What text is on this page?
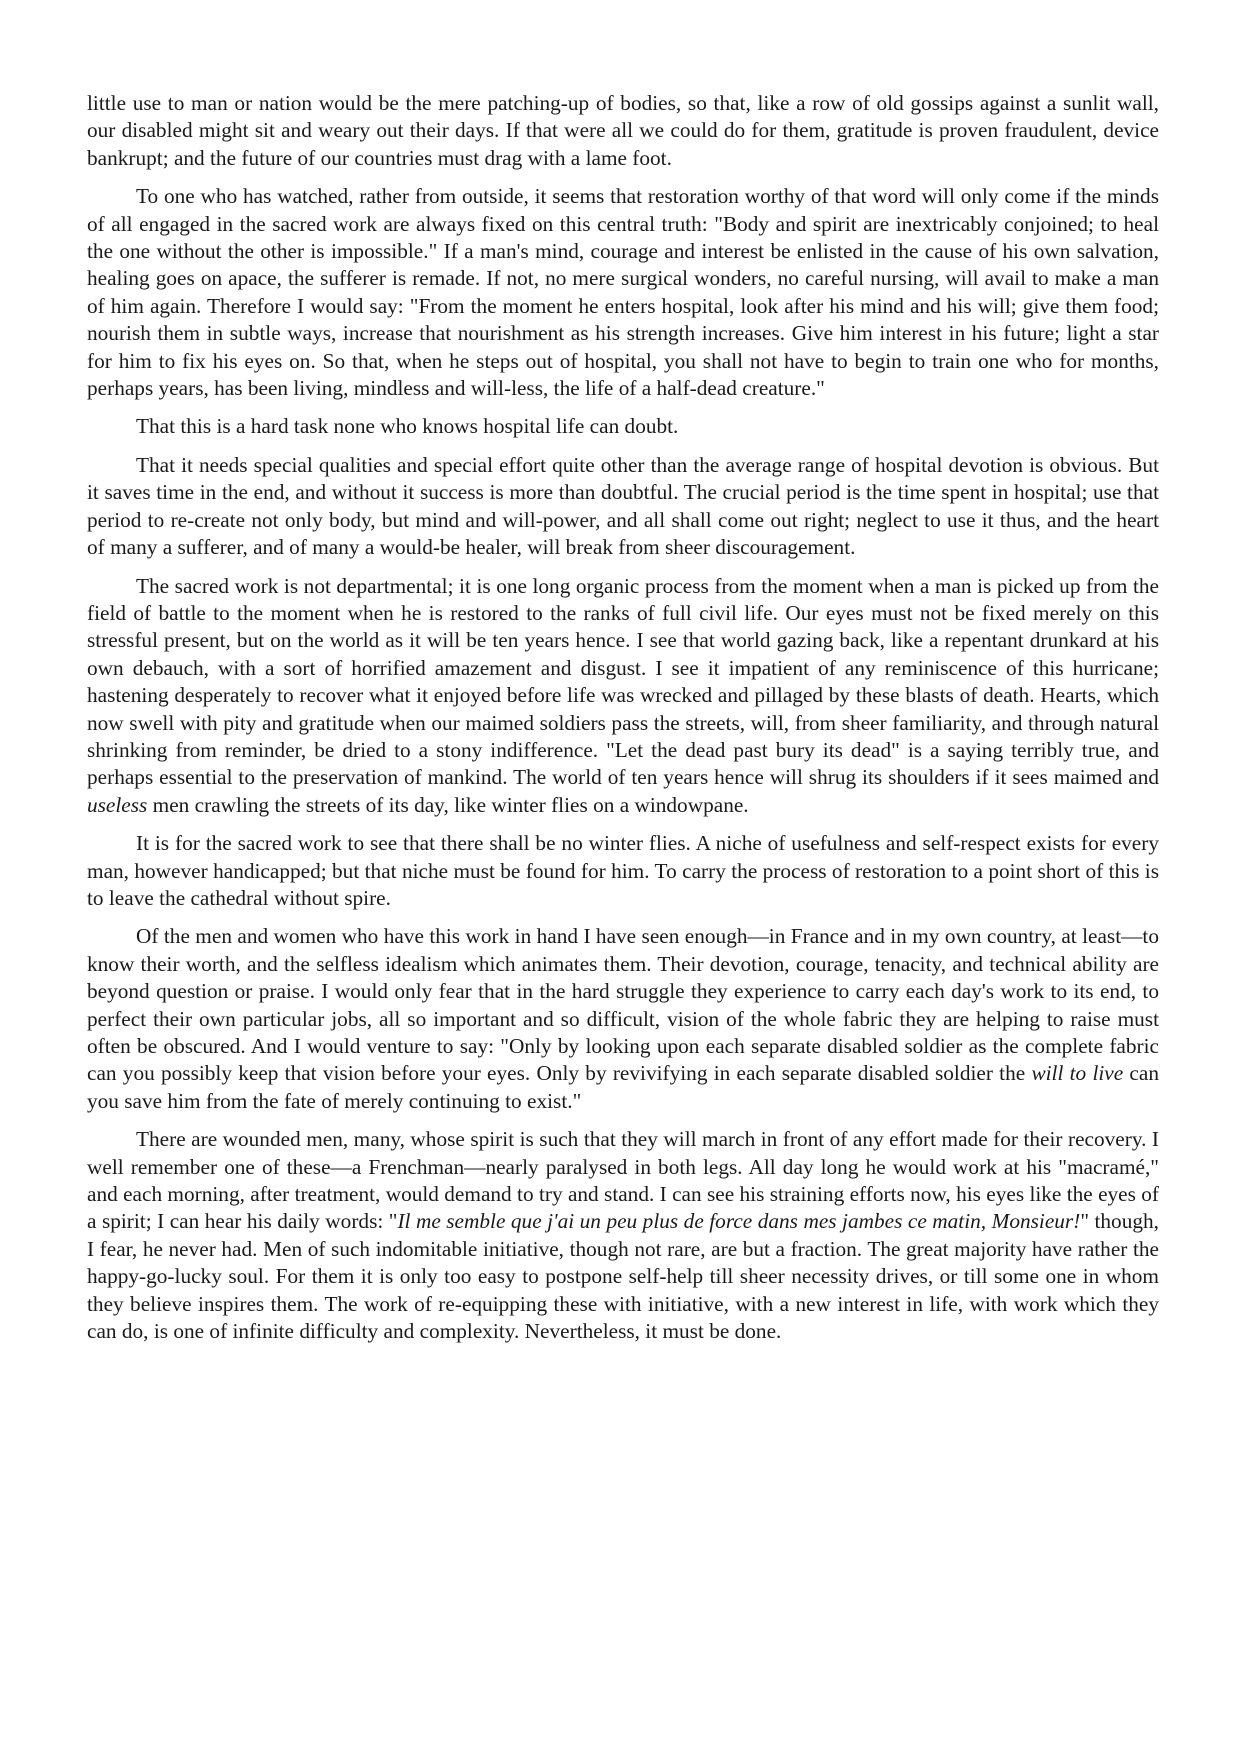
little use to man or nation would be the mere patching-up of bodies, so that, like a row of old gossips against a sunlit wall, our disabled might sit and weary out their days. If that were all we could do for them, gratitude is proven fraudulent, device bankrupt; and the future of our countries must drag with a lame foot.

To one who has watched, rather from outside, it seems that restoration worthy of that word will only come if the minds of all engaged in the sacred work are always fixed on this central truth: "Body and spirit are inextricably conjoined; to heal the one without the other is impossible." If a man's mind, courage and interest be enlisted in the cause of his own salvation, healing goes on apace, the sufferer is remade. If not, no mere surgical wonders, no careful nursing, will avail to make a man of him again. Therefore I would say: "From the moment he enters hospital, look after his mind and his will; give them food; nourish them in subtle ways, increase that nourishment as his strength increases. Give him interest in his future; light a star for him to fix his eyes on. So that, when he steps out of hospital, you shall not have to begin to train one who for months, perhaps years, has been living, mindless and will-less, the life of a half-dead creature."

That this is a hard task none who knows hospital life can doubt.

That it needs special qualities and special effort quite other than the average range of hospital devotion is obvious. But it saves time in the end, and without it success is more than doubtful. The crucial period is the time spent in hospital; use that period to re-create not only body, but mind and will-power, and all shall come out right; neglect to use it thus, and the heart of many a sufferer, and of many a would-be healer, will break from sheer discouragement.

The sacred work is not departmental; it is one long organic process from the moment when a man is picked up from the field of battle to the moment when he is restored to the ranks of full civil life. Our eyes must not be fixed merely on this stressful present, but on the world as it will be ten years hence. I see that world gazing back, like a repentant drunkard at his own debauch, with a sort of horrified amazement and disgust. I see it impatient of any reminiscence of this hurricane; hastening desperately to recover what it enjoyed before life was wrecked and pillaged by these blasts of death. Hearts, which now swell with pity and gratitude when our maimed soldiers pass the streets, will, from sheer familiarity, and through natural shrinking from reminder, be dried to a stony indifference. "Let the dead past bury its dead" is a saying terribly true, and perhaps essential to the preservation of mankind. The world of ten years hence will shrug its shoulders if it sees maimed and useless men crawling the streets of its day, like winter flies on a windowpane.

It is for the sacred work to see that there shall be no winter flies. A niche of usefulness and self-respect exists for every man, however handicapped; but that niche must be found for him. To carry the process of restoration to a point short of this is to leave the cathedral without spire.

Of the men and women who have this work in hand I have seen enough—in France and in my own country, at least—to know their worth, and the selfless idealism which animates them. Their devotion, courage, tenacity, and technical ability are beyond question or praise. I would only fear that in the hard struggle they experience to carry each day's work to its end, to perfect their own particular jobs, all so important and so difficult, vision of the whole fabric they are helping to raise must often be obscured. And I would venture to say: "Only by looking upon each separate disabled soldier as the complete fabric can you possibly keep that vision before your eyes. Only by revivifying in each separate disabled soldier the will to live can you save him from the fate of merely continuing to exist."

There are wounded men, many, whose spirit is such that they will march in front of any effort made for their recovery. I well remember one of these—a Frenchman—nearly paralysed in both legs. All day long he would work at his "macramé," and each morning, after treatment, would demand to try and stand. I can see his straining efforts now, his eyes like the eyes of a spirit; I can hear his daily words: "Il me semble que j'ai un peu plus de force dans mes jambes ce matin, Monsieur!" though, I fear, he never had. Men of such indomitable initiative, though not rare, are but a fraction. The great majority have rather the happy-go-lucky soul. For them it is only too easy to postpone self-help till sheer necessity drives, or till some one in whom they believe inspires them. The work of re-equipping these with initiative, with a new interest in life, with work which they can do, is one of infinite difficulty and complexity. Nevertheless, it must be done.
